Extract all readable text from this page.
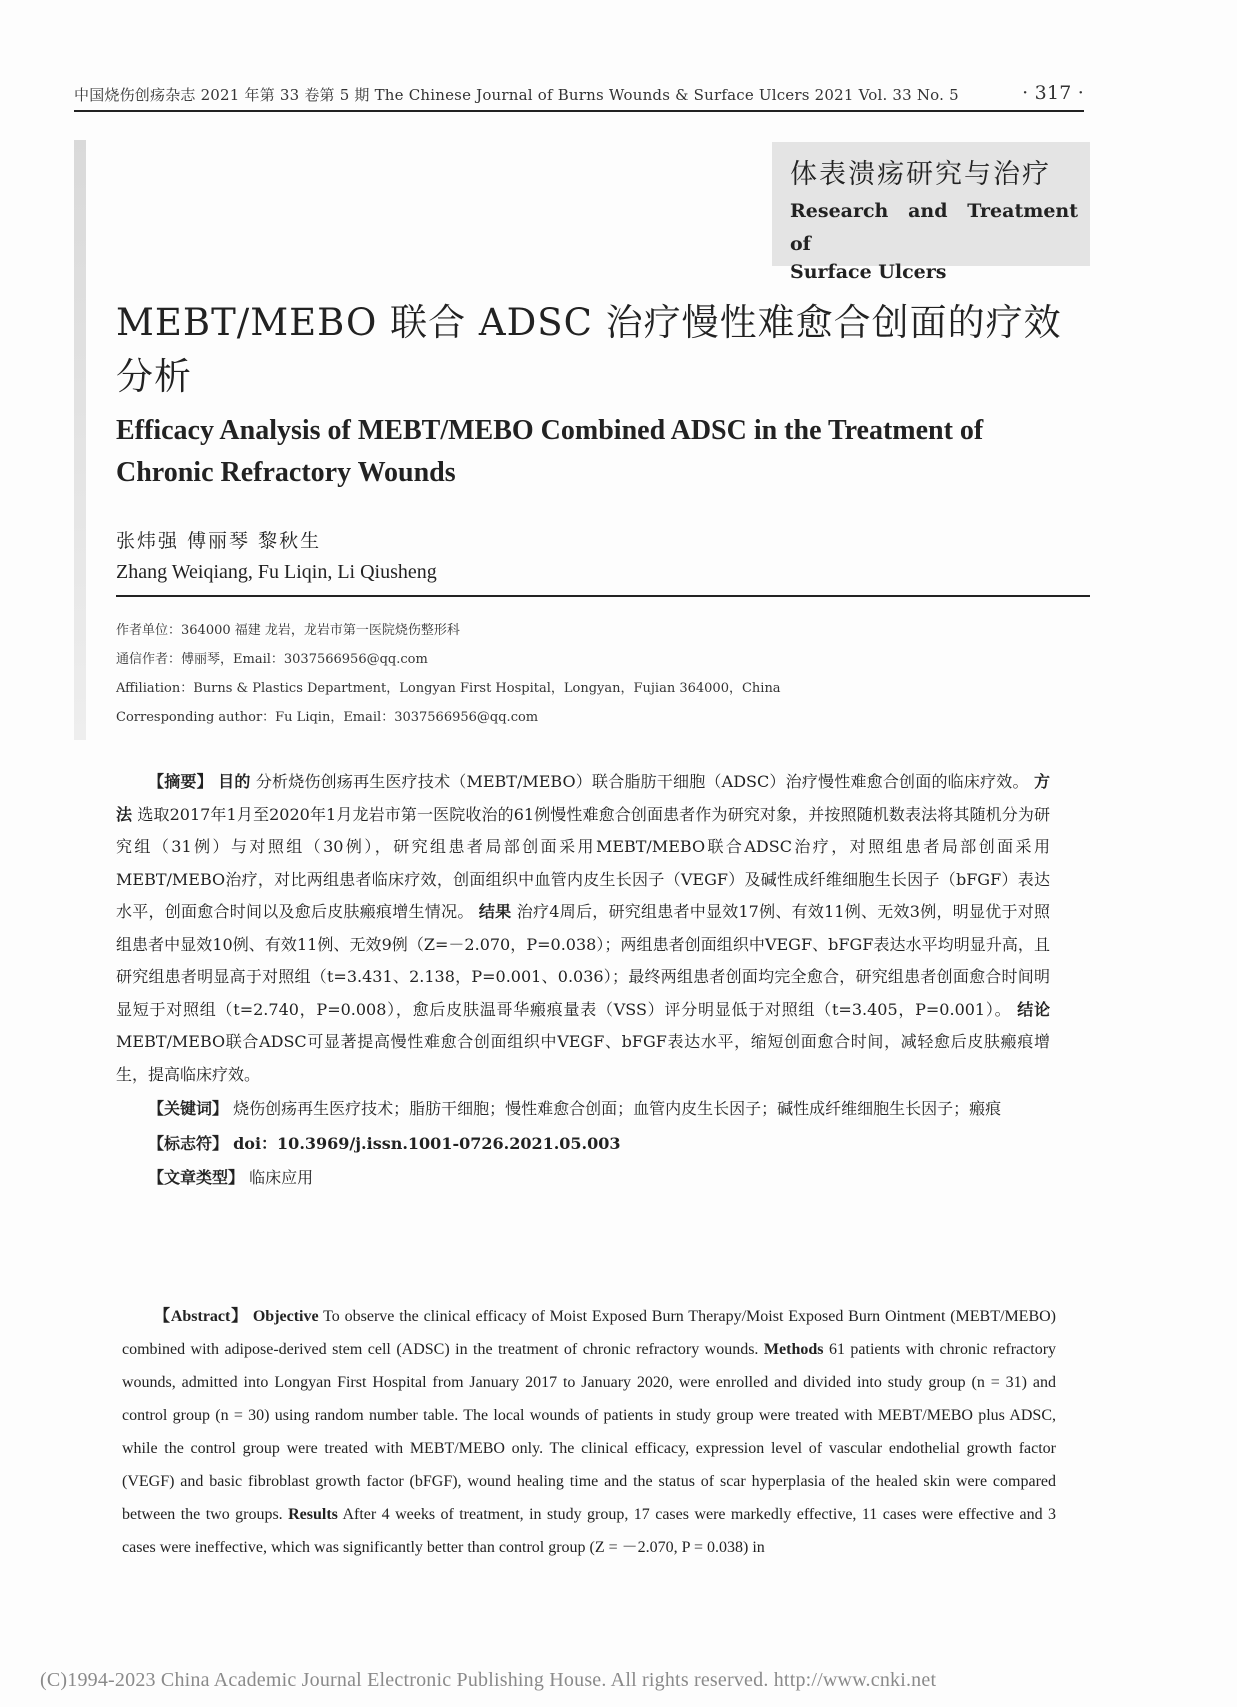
中国烧伤创疡杂志 2021 年第 33 卷第 5 期 The Chinese Journal of Burns Wounds & Surface Ulcers 2021 Vol. 33 No. 5	· 317 ·
体表溃疡研究与治疗
Research and Treatment of
Surface Ulcers
MEBT/MEBO 联合 ADSC 治疗慢性难愈合创面的疗效分析
Efficacy Analysis of MEBT/MEBO Combined ADSC in the Treatment of Chronic Refractory Wounds
张炜强 傅丽琴 黎秋生
Zhang Weiqiang, Fu Liqin, Li Qiusheng
作者单位：364000 福建 龙岩，龙岩市第一医院烧伤整形科
通信作者：傅丽琴，Email：3037566956@qq.com
Affiliation：Burns & Plastics Department，Longyan First Hospital，Longyan，Fujian 364000，China
Corresponding author：Fu Liqin，Email：3037566956@qq.com

【摘要】 目的 分析烧伤创疡再生医疗技术（MEBT/MEBO）联合脂肪干细胞（ADSC）治疗慢性难愈合创面的临床疗效。 方法 选取2017年1月至2020年1月龙岩市第一医院收治的61例慢性难愈合创面患者作为研究对象，并按照随机数表法将其随机分为研究组（31例）与对照组（30例），研究组患者局部创面采用MEBT/MEBO联合ADSC治疗，对照组患者局部创面采用MEBT/MEBO治疗，对比两组患者临床疗效，创面组织中血管内皮生长因子（VEGF）及碱性成纤维细胞生长因子（bFGF）表达水平，创面愈合时间以及愈后皮肤瘢痕增生情况。 结果 治疗4周后，研究组患者中显效17例、有效11例、无效3例，明显优于对照组患者中显效10例、有效11例、无效9例（Z=－2.070，P=0.038）；两组患者创面组织中VEGF、bFGF表达水平均明显升高，且研究组患者明显高于对照组（t=3.431、2.138，P=0.001、0.036）；最终两组患者创面均完全愈合，研究组患者创面愈合时间明显短于对照组（t=2.740，P=0.008），愈后皮肤温哥华瘢痕量表（VSS）评分明显低于对照组（t=3.405，P=0.001）。 结论 MEBT/MEBO联合ADSC可显著提高慢性难愈合创面组织中VEGF、bFGF表达水平，缩短创面愈合时间，减轻愈后皮肤瘢痕增生，提高临床疗效。

【关键词】 烧伤创疡再生医疗技术；脂肪干细胞；慢性难愈合创面；血管内皮生长因子；碱性成纤维细胞生长因子；瘢痕

【标志符】 doi：10.3969/j.issn.1001-0726.2021.05.003

【文章类型】 临床应用

【Abstract】 Objective To observe the clinical efficacy of Moist Exposed Burn Therapy/Moist Exposed Burn Ointment (MEBT/MEBO) combined with adipose-derived stem cell (ADSC) in the treatment of chronic refractory wounds. Methods 61 patients with chronic refractory wounds, admitted into Longyan First Hospital from January 2017 to January 2020, were enrolled and divided into study group (n = 31) and control group (n = 30) using random number table. The local wounds of patients in study group were treated with MEBT/MEBO plus ADSC, while the control group were treated with MEBT/MEBO only. The clinical efficacy, expression level of vascular endothelial growth factor (VEGF) and basic fibroblast growth factor (bFGF), wound healing time and the status of scar hyperplasia of the healed skin were compared between the two groups. Results After 4 weeks of treatment, in study group, 17 cases were markedly effective, 11 cases were effective and 3 cases were ineffective, which was significantly better than control group (Z = －2.070, P = 0.038) in

(C)1994-2023 China Academic Journal Electronic Publishing House. All rights reserved. http://www.cnki.net
